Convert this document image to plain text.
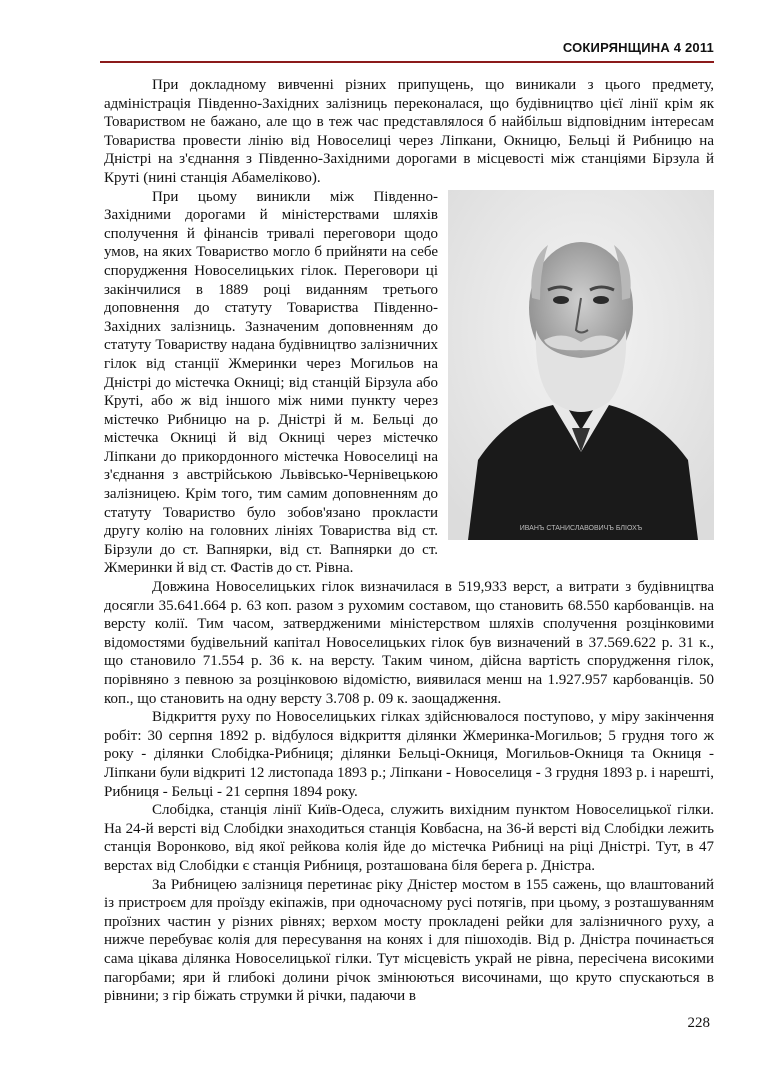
СОКИРЯНЩИНА 4 2011

При докладному вивченні різних припущень, що виникали з цього предмету, адміністрація Південно-Західних залізниць переконалася, що будівництво цієї лінії крім як Товариством не бажано, але що в теж час представлялося б найбільш відповідним інтересам Товариства провести лінію від Новоселиці через Ліпкани, Окницю, Бельці й Рибницю на Дністрі на з'єднання з Південно-Західними дорогами в місцевості між станціями Бірзула й Круті (нині станція Абамеліково).

ИВАНЪ СТАНИСЛАВОВИЧЪ БЛІОХЪ

При цьому виникли між Південно-Західними дорогами й міністерствами шляхів сполучення й фінансів тривалі переговори щодо умов, на яких Товариство могло б прийняти на себе спорудження Новоселицьких гілок. Переговори ці закінчилися в 1889 році виданням третього доповнення до статуту Товариства Південно-Західних залізниць. Зазначеним доповненням до статуту Товариству надана будівництво залізничних гілок від станції Жмеринки через Могильов на Дністрі до містечка Окниці; від станцій Бірзула або Круті, або ж від іншого між ними пункту через містечко Рибницю на р. Дністрі й м. Бельці до містечка Окниці й від Окниці через містечко Ліпкани до прикордонного містечка Новоселиці на з'єднання з австрійською Львівсько-Чернівецькою залізницею. Крім того, тим самим доповненням до статуту Товариство було зобов'язано прокласти другу колію на головних лініях Товариства від ст. Бірзули до ст. Вапнярки, від ст. Вапнярки до ст. Жмеринки й від ст. Фастів до ст. Рівна.

Довжина Новоселицьких гілок визначилася в 519,933 верст, а витрати з будівництва досягли 35.641.664 р. 63 коп. разом з рухомим составом, що становить 68.550 карбованців. на версту колії. Тим часом, затвердженими міністерством шляхів сполучення розцінковими відомостями будівельний капітал Новоселицьких гілок був визначений в 37.569.622 р. 31 к., що становило 71.554 р. 36 к. на версту. Таким чином, дійсна вартість спорудження гілок, порівняно з певною за розцінковою відомістю, виявилася менш на 1.927.957 карбованців. 50 коп., що становить на одну версту 3.708 р. 09 к. заощадження.

Відкриття руху по Новоселицьких гілках здійснювалося поступово, у міру закінчення робіт: 30 серпня 1892 р. відбулося відкриття ділянки Жмеринка-Могильов; 5 грудня того ж року - ділянки Слобідка-Рибниця; ділянки Бельці-Окниця, Могильов-Окниця та Окниця - Ліпкани були відкриті 12 листопада 1893 р.; Ліпкани - Новоселиця - 3 грудня 1893 р. і нарешті, Рибниця - Бельці - 21 серпня 1894 року.

Слобідка, станція лінії Київ-Одеса, служить вихідним пунктом Новоселицької гілки. На 24-й версті від Слобідки знаходиться станція Ковбасна, на 36-й версті від Слобідки лежить станція Воронково, від якої рейкова колія йде до містечка Рибниці на ріці Дністрі. Тут, в 47 верстах від Слобідки є станція Рибниця, розташована біля берега р. Дністра.

За Рибницею залізниця перетинає ріку Дністер мостом в 155 сажень, що влаштований із пристроєм для проїзду екіпажів, при одночасному русі потягів, при цьому, з розташуванням проїзних частин у різних рівнях; верхом мосту прокладені рейки для залізничного руху, а нижче перебуває колія для пересування на конях і для пішоходів. Від р. Дністра починається сама цікава ділянка Новоселицької гілки. Тут місцевість украй не рівна, пересічена високими пагорбами; яри й глибокі долини річок змінюються височинами, що круто спускаються в рівнини; з гір біжать струмки й річки, падаючи в

228
